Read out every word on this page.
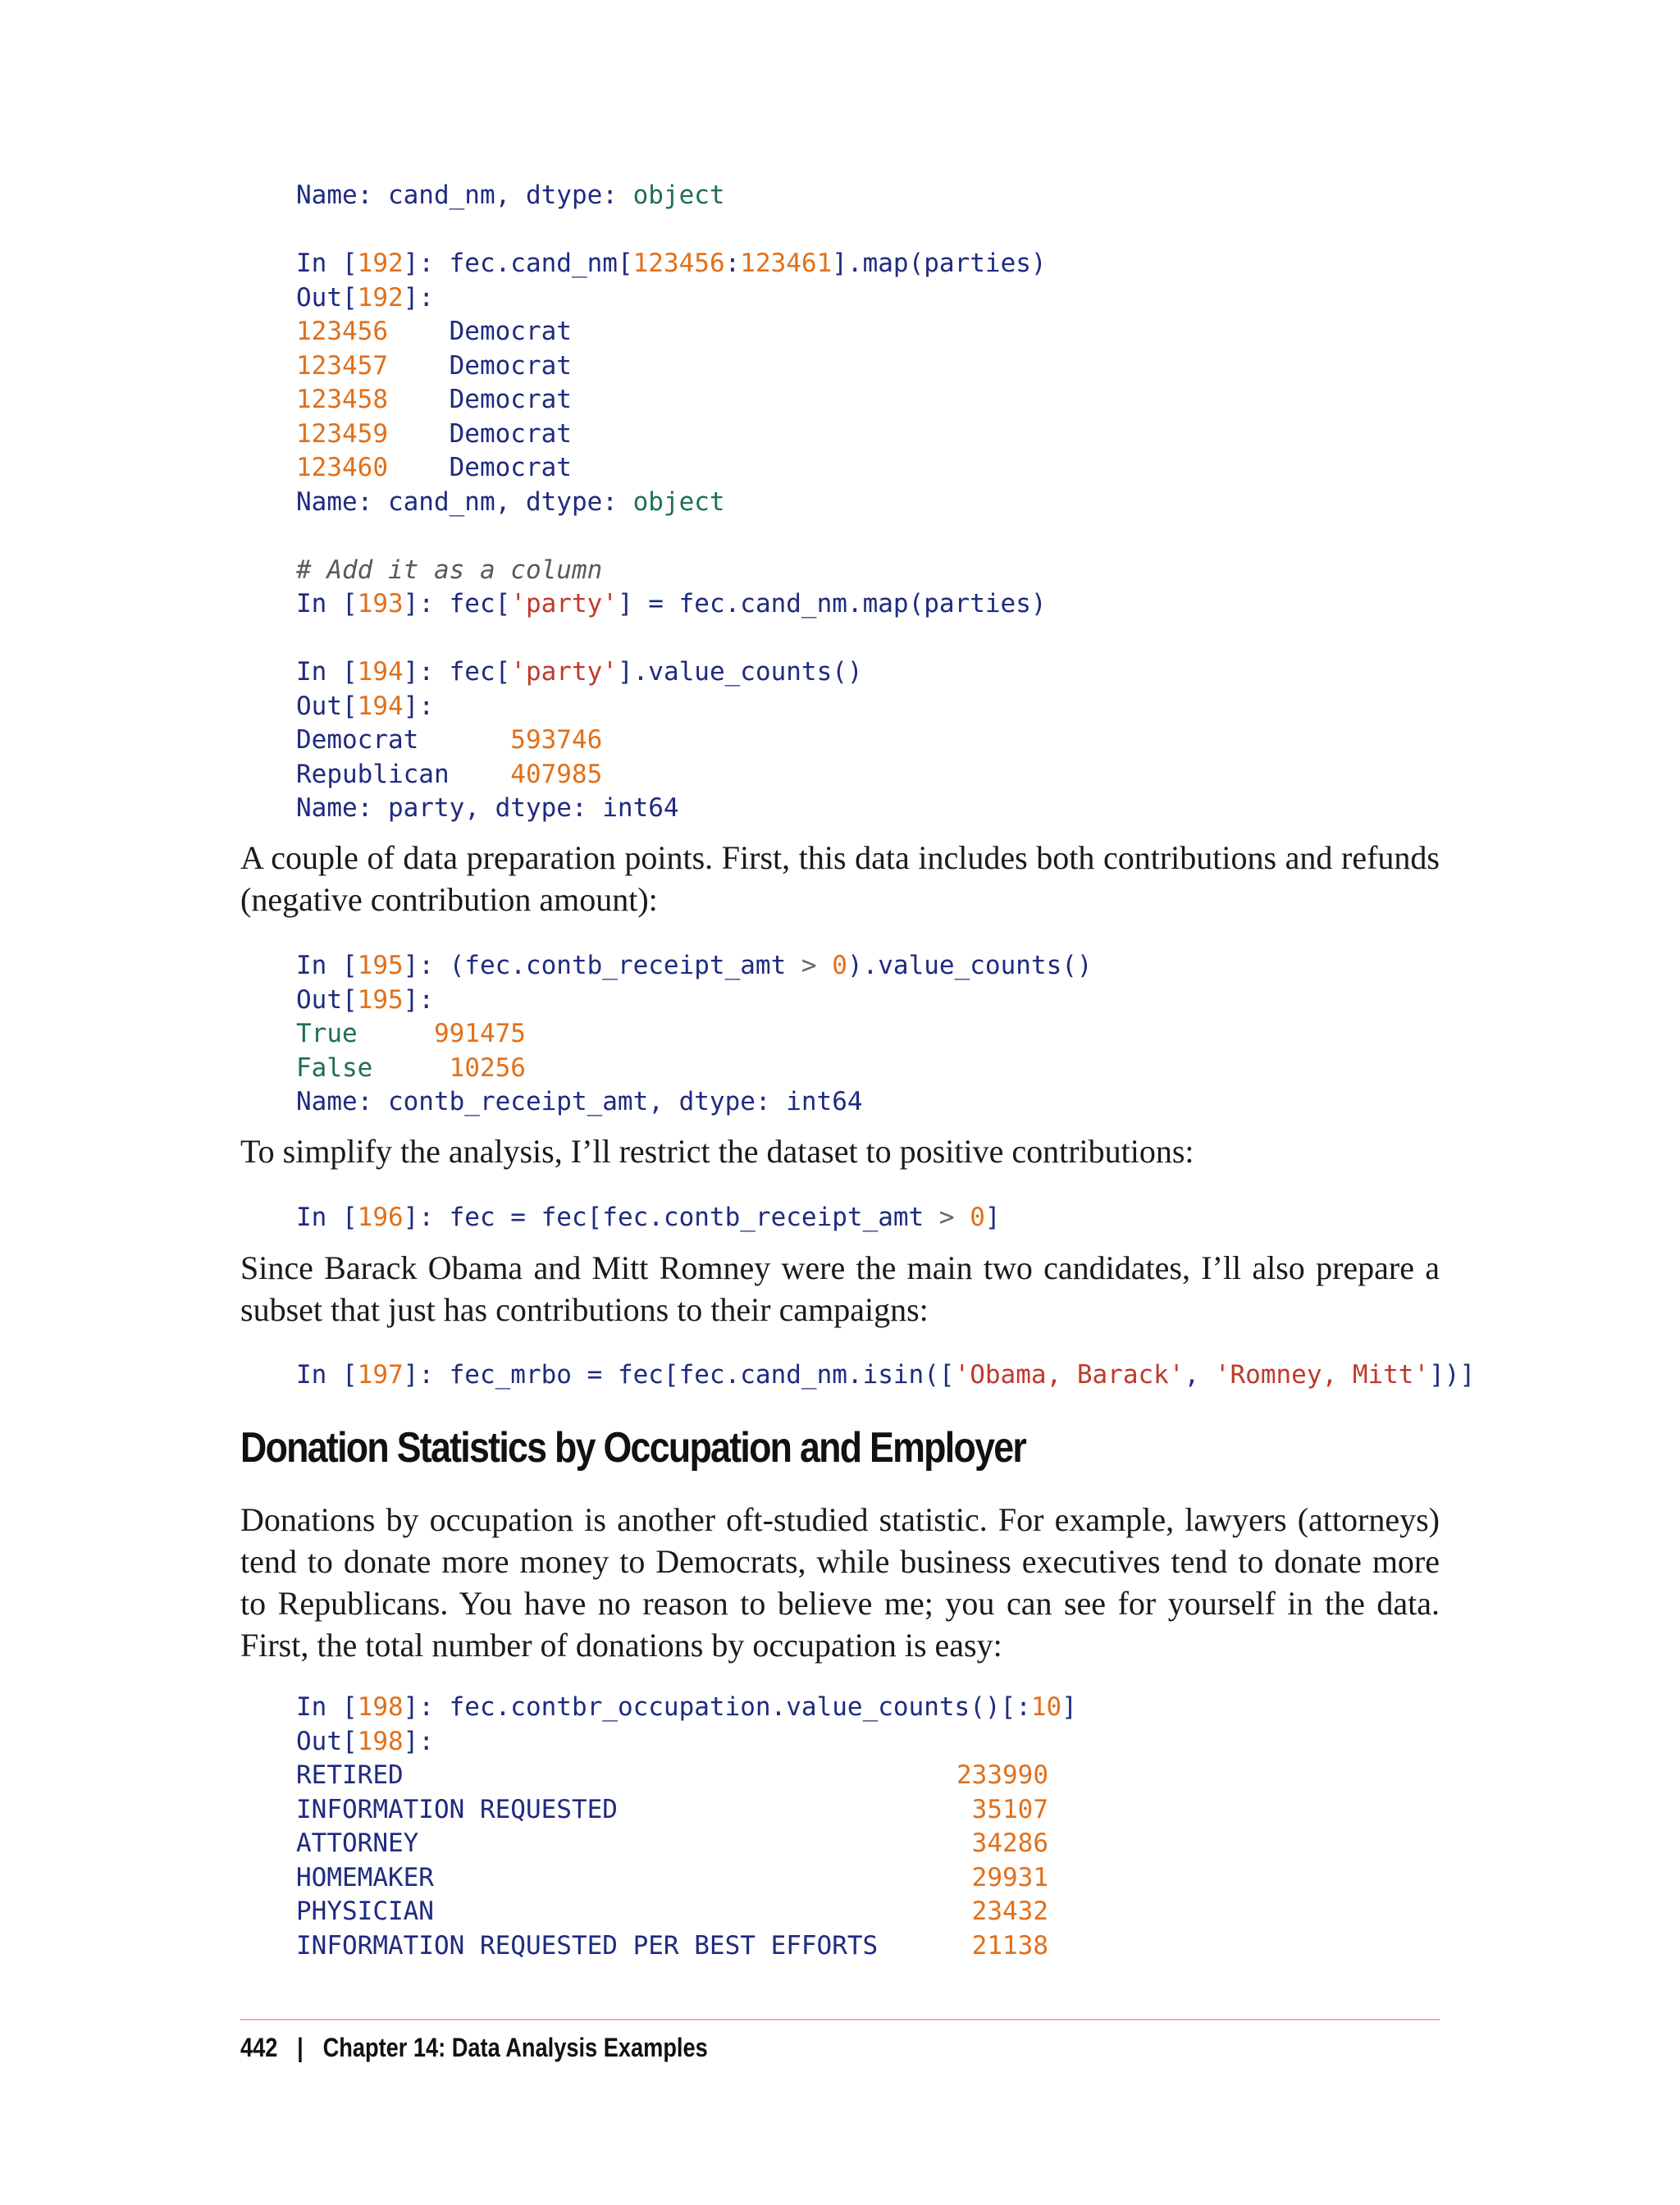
Name: cand_nm, dtype: object
In [192]: fec.cand_nm[123456:123461].map(parties)
Out[192]:
123456 Democrat
123457 Democrat
123458 Democrat
123459 Democrat
123460 Democrat
Name: cand_nm, dtype: object
# Add it as a column
In [193]: fec['party'] = fec.cand_nm.map(parties)
In [194]: fec['party'].value_counts()
Out[194]:
Democrat	593746
Republican 407985
Name: party, dtype: int64

A couple of data preparation points. First, this data includes both contributions and refunds (negative contribution amount):

In [195]: (fec.contb_receipt_amt > 0).value_counts()
Out[195]:
True	991475
False	10256
Name: contb_receipt_amt, dtype: int64

To simplify the analysis, I’ll restrict the dataset to positive contributions:

In [196]: fec = fec[fec.contb_receipt_amt > 0]

Since Barack Obama and Mitt Romney were the main two candidates, I’ll also prepare a subset that just has contributions to their campaigns:

In [197]: fec_mrbo = fec[fec.cand_nm.isin(['Obama, Barack', 'Romney, Mitt'])]
Donation Statistics by Occupation and Employer

Donations by occupation is another oft-studied statistic. For example, lawyers (attorneys) tend to donate more money to Democrats, while business executives tend to donate more to Republicans. You have no reason to believe me; you can see for yourself in the data. First, the total number of donations by occupation is easy:

In [198]: fec.contbr_occupation.value_counts()[:10]
Out[198]:
RETIRED	233990
INFORMATION REQUESTED	35107
ATTORNEY	34286
HOMEMAKER	29931
PHYSICIAN	23432
INFORMATION REQUESTED PER BEST EFFORTS	21138
442 | Chapter 14: Data Analysis Examples
